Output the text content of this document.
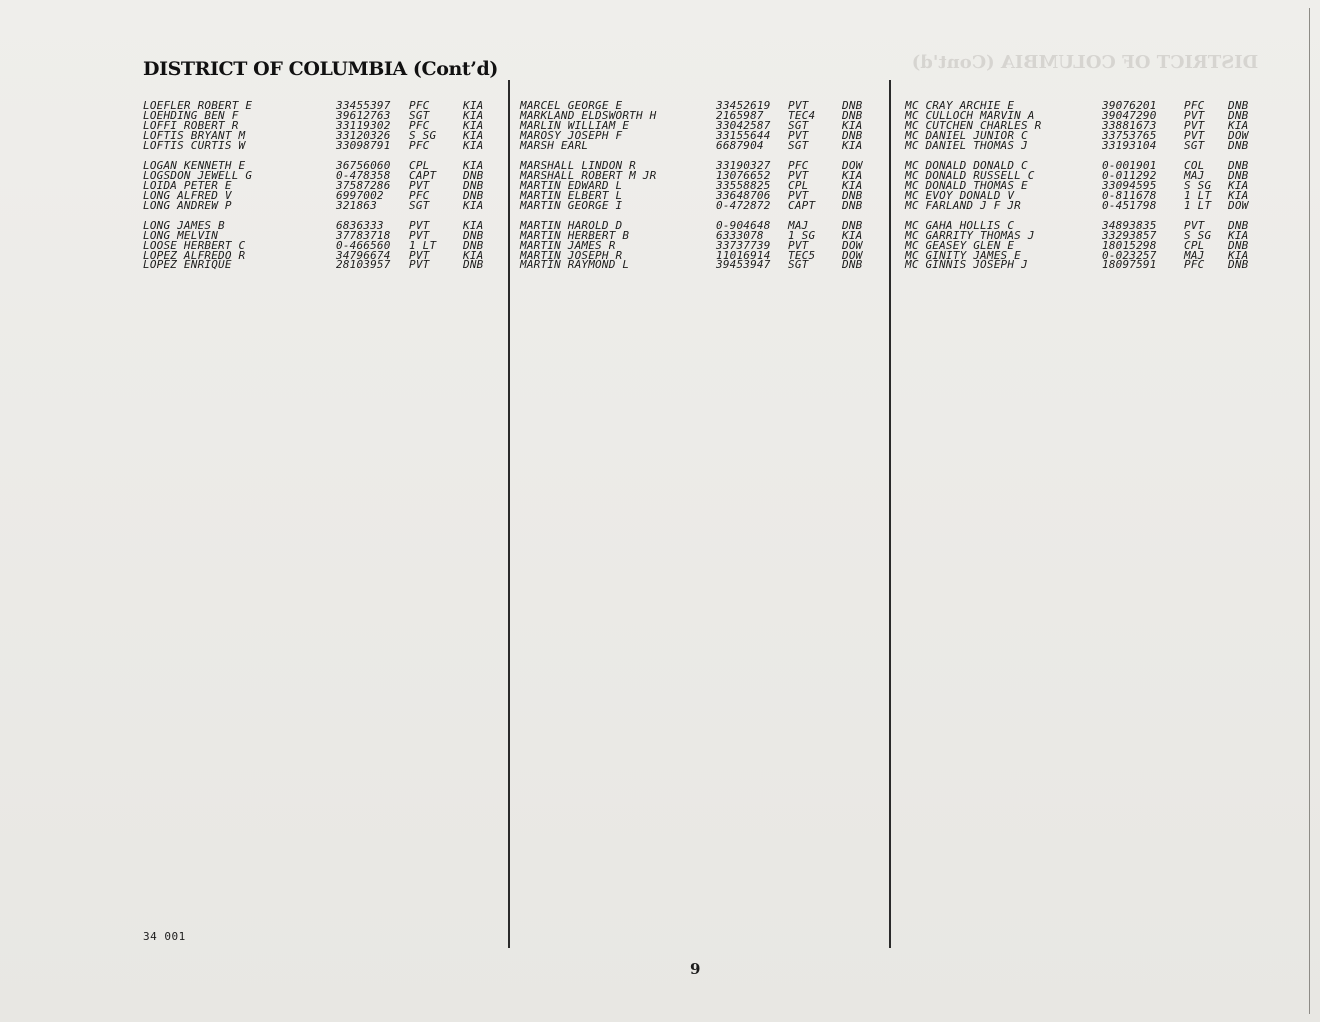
DISTRICT OF COLUMBIA (Cont'd)
DISTRICT OF COLUMBIA (Cont’d)
LOEFLER ROBERT E	33455397 PFC	KIA
LOEHDING BEN F	39612763 SGT	KIA
LOFFI ROBERT R	33119302 PFC	KIA
LOFTIS BRYANT M	33120326 S SG KIA
LOFTIS CURTIS W	33098791 PFC	KIA
LOGAN KENNETH E	36756060 CPL	KIA
LOGSDON JEWELL G	0-478358 CAPT DNB
LOIDA PETER E	37587286 PVT	DNB
LONG ALFRED V	6997002 PFC	DNB
LONG ANDREW P	321863	SGT	KIA
LONG JAMES B	6836333 PVT	KIA
LONG MELVIN	37783718 PVT	DNB
LOOSE HERBERT C	0-466560 1 LT DNB
LOPEZ ALFREDO R	34796674 PVT	KIA
LOPEZ ENRIQUE	28103957 PVT	DNB
MARCEL GEORGE E	33452619 PVT	DNB
MARKLAND ELDSWORTH H	2165987 TEC4 DNB
MARLIN WILLIAM E	33042587 SGT	KIA
MAROSY JOSEPH F	33155644 PVT	DNB
MARSH EARL	6687904 SGT	KIA
MARSHALL LINDON R	33190327 PFC	DOW
MARSHALL ROBERT M JR	13076652 PVT	KIA
MARTIN EDWARD L	33558825 CPL	KIA
MARTIN ELBERT L	33648706 PVT	DNB
MARTIN GEORGE I	0-472872 CAPT DNB
MARTIN HAROLD D	0-904648 MAJ	DNB
MARTIN HERBERT B	6333078 1 SG KIA
MARTIN JAMES R	33737739 PVT	DOW
MARTIN JOSEPH R	11016914 TEC5 DOW
MARTIN RAYMOND L	39453947 SGT	DNB
MC CRAY ARCHIE E	39076201 PFC DNB
MC CULLOCH MARVIN A	39047290 PVT DNB
MC CUTCHEN CHARLES R	33881673 PVT KIA
MC DANIEL JUNIOR C	33753765 PVT DOW
MC DANIEL THOMAS J	33193104 SGT DNB
MC DONALD DONALD C	0-001901 COL DNB
MC DONALD RUSSELL C	0-011292 MAJ DNB
MC DONALD THOMAS E	33094595 S SG KIA
MC EVOY DONALD V	0-811678 1 LT KIA
MC FARLAND J F JR	0-451798 1 LT DOW
MC GAHA HOLLIS C	34893835 PVT DNB
MC GARRITY THOMAS J	33293857 S SG KIA
MC GEASEY GLEN E	18015298 CPL DNB
MC GINITY JAMES E	0-023257 MAJ KIA
MC GINNIS JOSEPH J	18097591 PFC DNB
34 001
9
